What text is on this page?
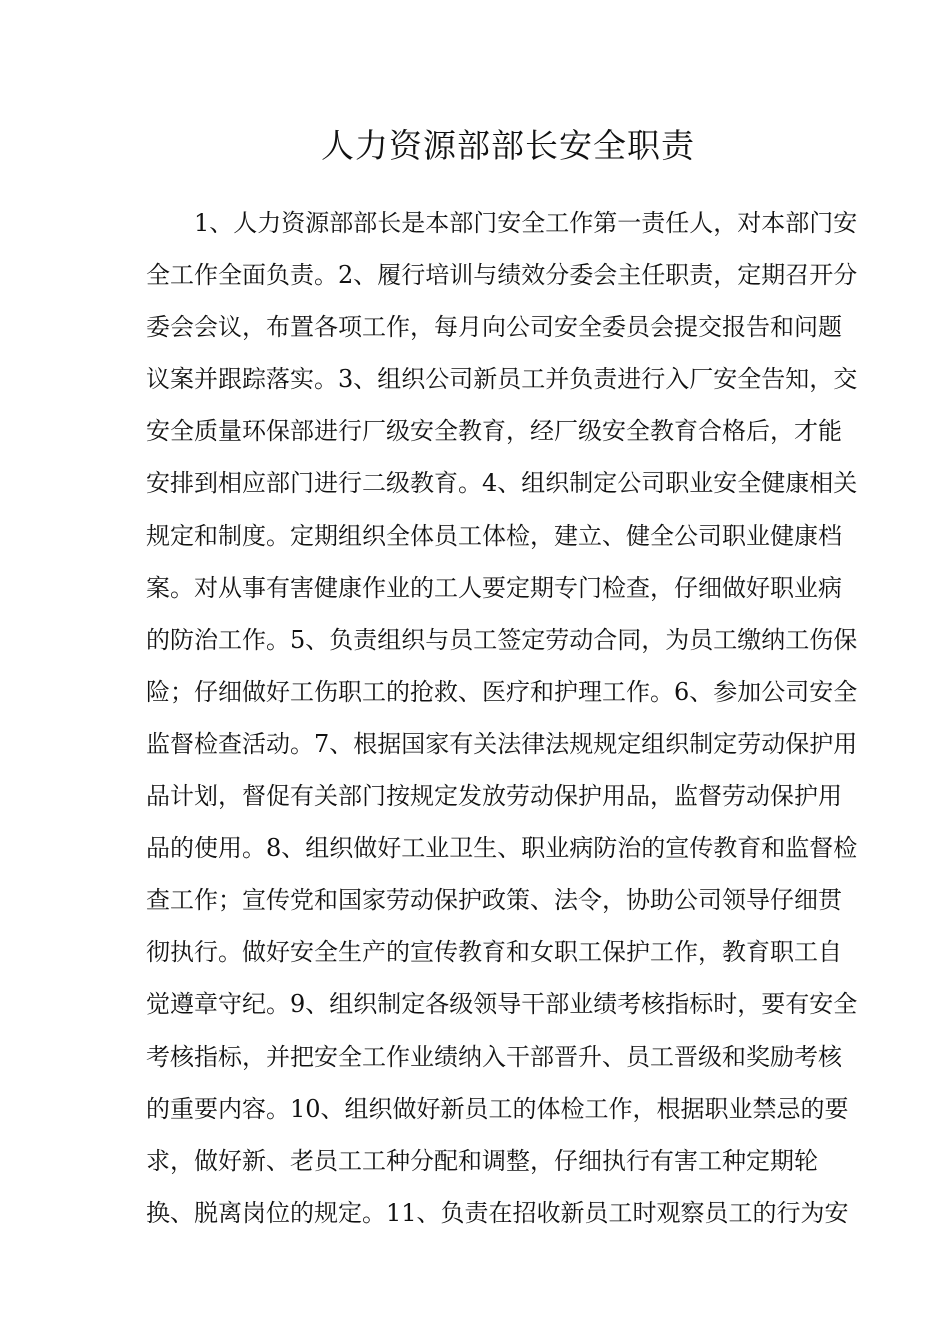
人力资源部部长安全职责
　　1、人力资源部部长是本部门安全工作第一责任人，对本部门安
全工作全面负责。2、履行培训与绩效分委会主任职责，定期召开分
委会会议，布置各项工作，每月向公司安全委员会提交报告和问题
议案并跟踪落实。3、组织公司新员工并负责进行入厂安全告知，交
安全质量环保部进行厂级安全教育，经厂级安全教育合格后，才能
安排到相应部门进行二级教育。4、组织制定公司职业安全健康相关
规定和制度。定期组织全体员工体检，建立、健全公司职业健康档
案。对从事有害健康作业的工人要定期专门检查，仔细做好职业病
的防治工作。5、负责组织与员工签定劳动合同，为员工缴纳工伤保
险；仔细做好工伤职工的抢救、医疗和护理工作。6、参加公司安全
监督检查活动。7、根据国家有关法律法规规定组织制定劳动保护用
品计划，督促有关部门按规定发放劳动保护用品，监督劳动保护用
品的使用。8、组织做好工业卫生、职业病防治的宣传教育和监督检
查工作；宣传党和国家劳动保护政策、法令，协助公司领导仔细贯
彻执行。做好安全生产的宣传教育和女职工保护工作，教育职工自
觉遵章守纪。9、组织制定各级领导干部业绩考核指标时，要有安全
考核指标，并把安全工作业绩纳入干部晋升、员工晋级和奖励考核
的重要内容。10、组织做好新员工的体检工作，根据职业禁忌的要
求，做好新、老员工工种分配和调整，仔细执行有害工种定期轮
换、脱离岗位的规定。11、负责在招收新员工时观察员工的行为安
